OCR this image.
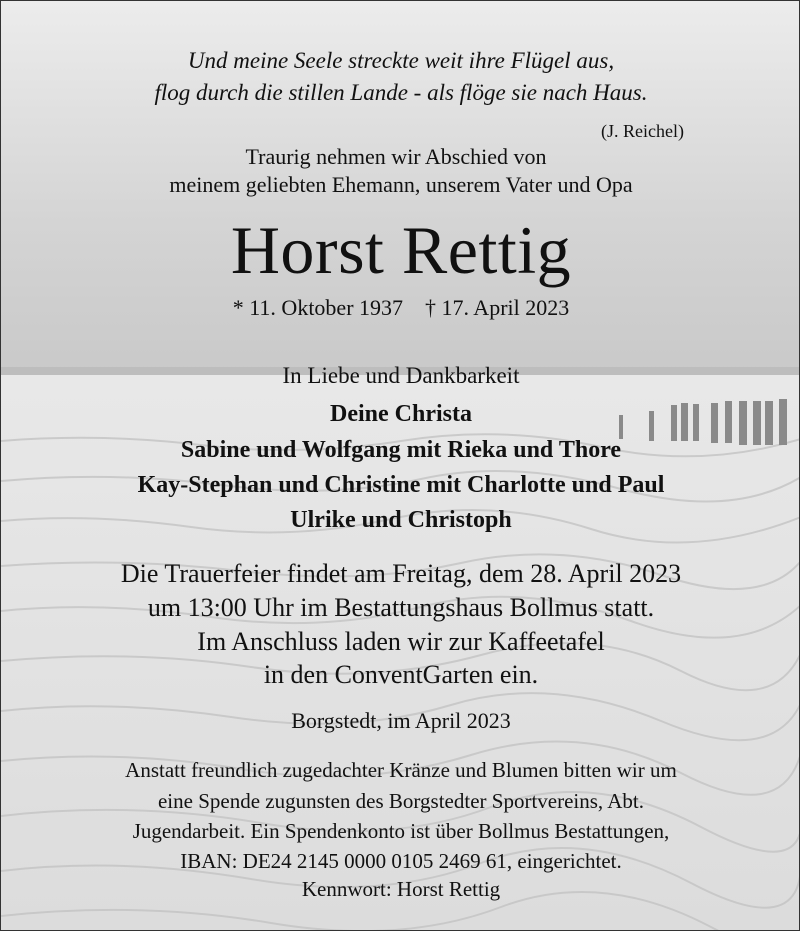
Und meine Seele streckte weit ihre Flügel aus,
flog durch die stillen Lande - als flöge sie nach Haus.
(J. Reichel)
Traurig nehmen wir Abschied von
meinem geliebten Ehemann, unserem Vater und Opa
Horst Rettig
* 11. Oktober 1937    † 17. April 2023
In Liebe und Dankbarkeit
Deine Christa
Sabine und Wolfgang mit Rieka und Thore
Kay-Stephan und Christine mit Charlotte und Paul
Ulrike und Christoph
Die Trauerfeier findet am Freitag, dem 28. April 2023
um 13:00 Uhr im Bestattungshaus Bollmus statt.
Im Anschluss laden wir zur Kaffeetafel
in den ConventGarten ein.
Borgstedt, im April 2023
Anstatt freundlich zugedachter Kränze und Blumen bitten wir um
eine Spende zugunsten des Borgstedter Sportvereins, Abt.
Jugendarbeit. Ein Spendenkonto ist über Bollmus Bestattungen,
IBAN: DE24 2145 0000 0105 2469 61, eingerichtet.
Kennwort: Horst Rettig
